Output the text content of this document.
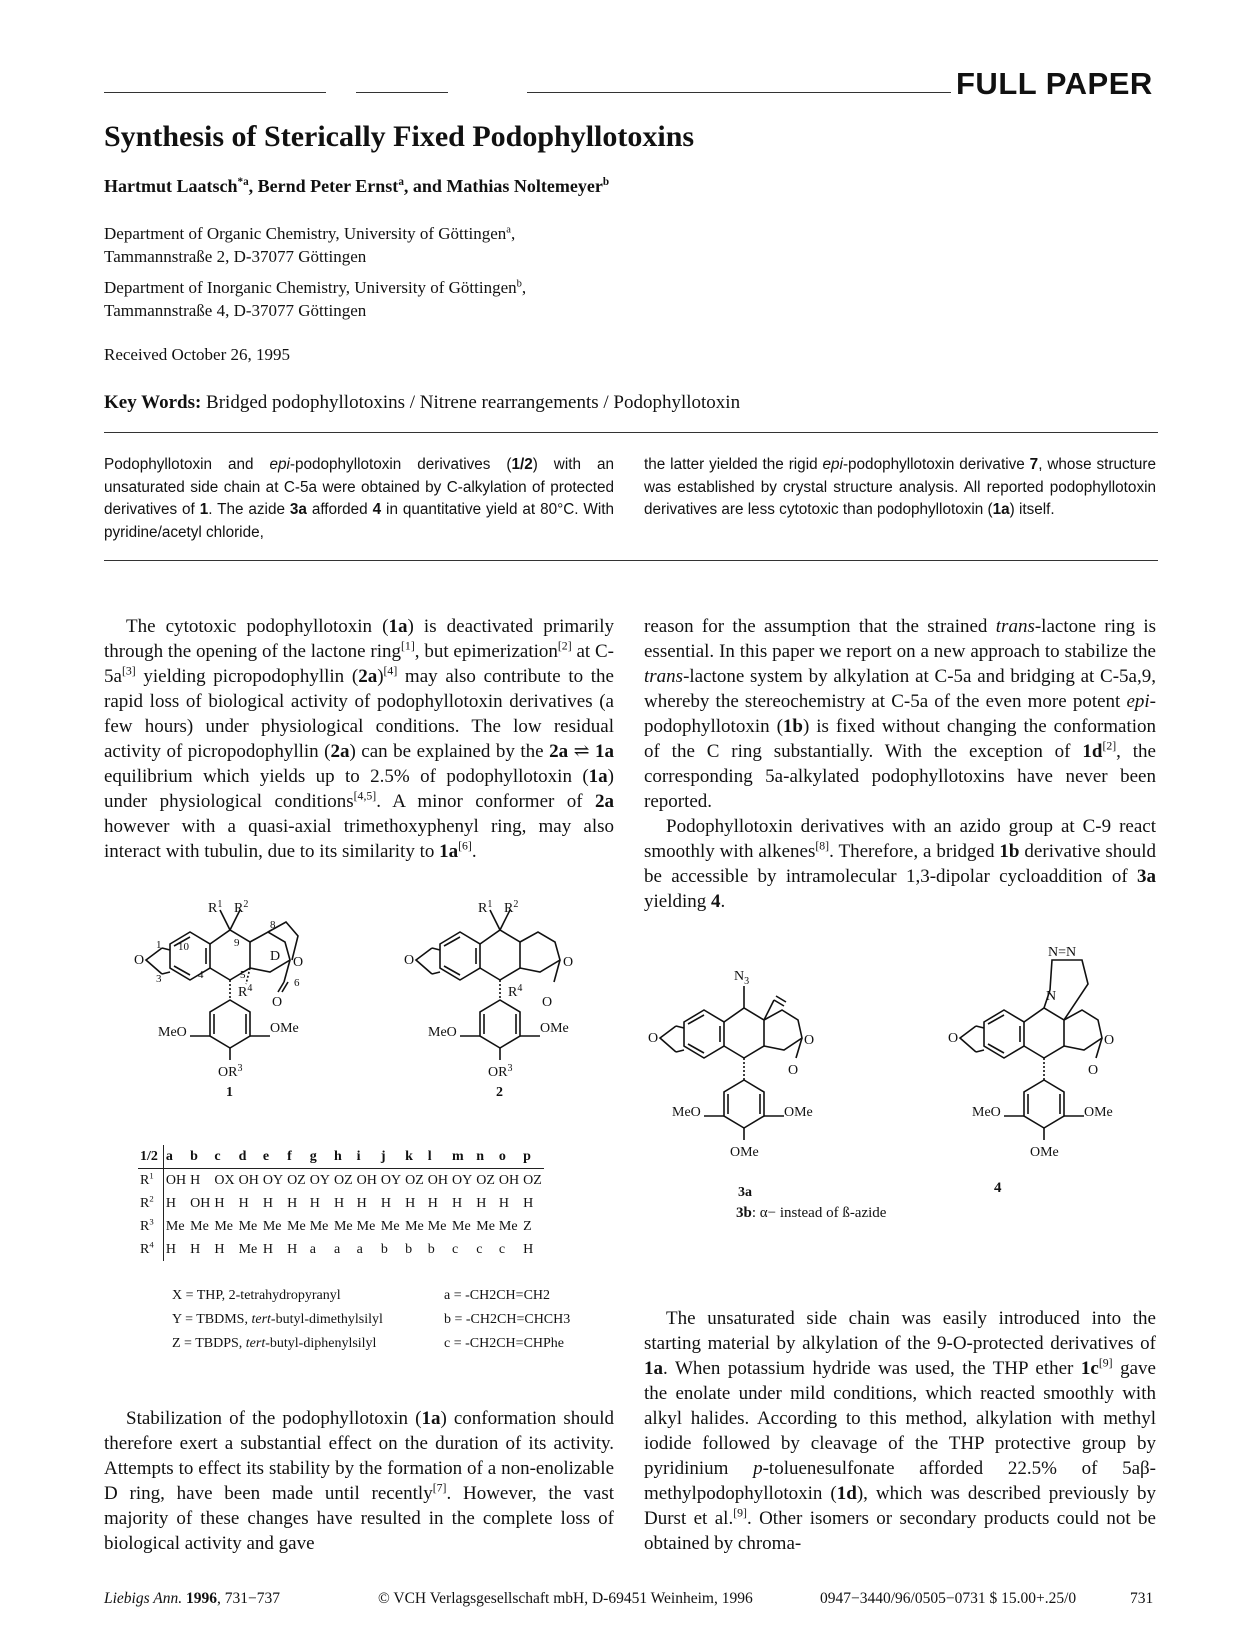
FULL PAPER
Synthesis of Sterically Fixed Podophyllotoxins
Hartmut Laatsch$^{*a}$, Bernd Peter Ernst$^a$, and Mathias Noltemeyer$^b$
Department of Organic Chemistry, University of Göttingen$^a$,
Tammannstraße 2, D-37077 Göttingen
Department of Inorganic Chemistry, University of Göttingen$^b$,
Tammannstraße 4, D-37077 Göttingen
Received October 26, 1995
Key Words: Bridged podophyllotoxins / Nitrene rearrangements / Podophyllotoxin
Podophyllotoxin and epi-podophyllotoxin derivatives (1/2) with an unsaturated side chain at C-5a were obtained by C-alkylation of protected derivatives of 1. The azide 3a afforded 4 in quantitative yield at 80°C. With pyridine/acetyl chloride,
the latter yielded the rigid epi-podophyllotoxin derivative 7, whose structure was established by crystal structure analysis. All reported podophyllotoxin derivatives are less cytotoxic than podophyllotoxin (1a) itself.

The cytotoxic podophyllotoxin (1a) is deactivated primarily through the opening of the lactone ring[1], but epimerization[2] at C-5a[3] yielding picropodophyllin (2a)[4] may also contribute to the rapid loss of biological activity of podophyllotoxin derivatives (a few hours) under physiological conditions. The low residual activity of picropodophyllin (2a) can be explained by the 2a ⇌ 1a equilibrium which yields up to 2.5% of podophyllotoxin (1a) under physiological conditions[4,5]. A minor conformer of 2a however with a quasi-axial trimethoxyphenyl ring, may also interact with tubulin, due to its similarity to 1a[6].

reason for the assumption that the strained trans-lactone ring is essential. In this paper we report on a new approach to stabilize the trans-lactone system by alkylation at C-5a and bridging at C-5a,9, whereby the stereochemistry at C-5a of the even more potent epi-podophyllotoxin (1b) is fixed without changing the conformation of the C ring substantially. With the exception of 1d[2], the corresponding 5a-alkylated podophyllotoxins have never been reported.

Podophyllotoxin derivatives with an azido group at C-9 react smoothly with alkenes[8]. Therefore, a bridged 1b derivative should be accessible by intramolecular 1,3-dipolar cycloaddition of 3a yielding 4.

$R^1$ $R^2$
$R^4$
O	O
O
D
MeO	OMe
$OR^3$
10
1
3	4	5
6
8
9
1
$R^1$ $R^2$
$R^4$
O	O
O
MeO	OMe
$OR^3$
2
$N_3$
O	O
O
MeO	OMe
OMe
3a
N=N
N
O	O
O
MeO	OMe
OMe
4
3b: α− instead of ß-azide
1/2	a	b	c	d	e	f	g	h	i	j	k	l	m	n	o	p
$R^1$	OH	H	OX	OH	OY	OZ	OY	OZ	OH	OY	OZ	OH	OY	OZ	OH	OZ
$R^2$	H	OH	H	H	H	H	H	H	H	H	H	H	H	H	H	H
$R^3$	Me	Me	Me	Me	Me	Me	Me	Me	Me	Me	Me	Me	Me	Me	Me	Z
$R^4$	H	H	H	Me	H	H	a	a	a	b	b	b	c	c	c	H
X = THP, 2-tetrahydropyranyl
Y = TBDMS, tert-butyl-dimethylsilyl
Z = TBDPS, tert-butyl-diphenylsilyl
a = -CH2CH=CH2
b = -CH2CH=CHCH3
c = -CH2CH=CHPhe

Stabilization of the podophyllotoxin (1a) conformation should therefore exert a substantial effect on the duration of its activity. Attempts to effect its stability by the formation of a non-enolizable D ring, have been made until recently[7]. However, the vast majority of these changes have resulted in the complete loss of biological activity and gave

The unsaturated side chain was easily introduced into the starting material by alkylation of the 9-O-protected derivatives of 1a. When potassium hydride was used, the THP ether 1c[9] gave the enolate under mild conditions, which reacted smoothly with alkyl halides. According to this method, alkylation with methyl iodide followed by cleavage of the THP protective group by pyridinium p-toluenesulfonate afforded 22.5% of 5aβ-methylpodophyllotoxin (1d), which was described previously by Durst et al.[9]. Other isomers or secondary products could not be obtained by chroma-

Liebigs Ann. 1996, 731−737	© VCH Verlagsgesellschaft mbH, D-69451 Weinheim, 1996	0947−3440/96/0505−0731 $ 15.00+.25/0	731
